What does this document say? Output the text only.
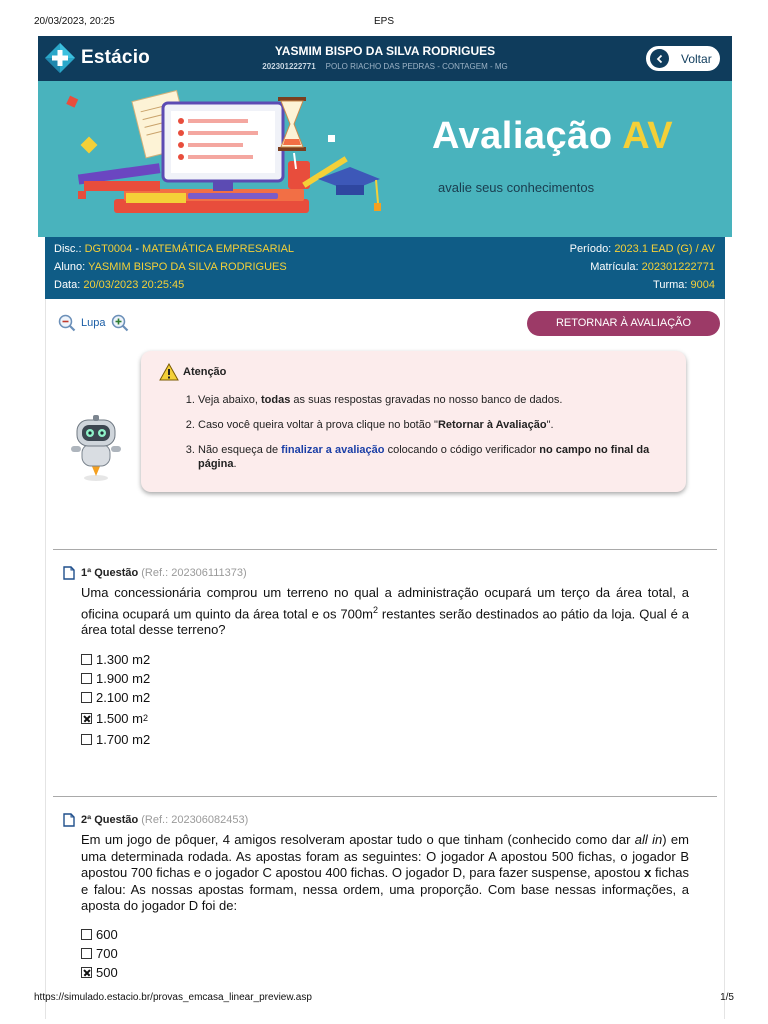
20/03/2023, 20:25	EPS
Estácio	YASMIM BISPO DA SILVA RODRIGUES
202301222771 POLO RIACHO DAS PEDRAS - CONTAGEM - MG
Voltar
Avaliação AV
avalie seus conhecimentos
Disc.: DGT0004 - MATEMÁTICA EMPRESARIAL	Período: 2023.1 EAD (G) / AV
Aluno: YASMIM BISPO DA SILVA RODRIGUES	Matrícula: 202301222771
Data: 20/03/2023 20:25:45	Turma: 9004
Lupa	RETORNAR À AVALIAÇÃO
Atenção
1. Veja abaixo, todas as suas respostas gravadas no nosso banco de dados.
2. Caso você queira voltar à prova clique no botão "Retornar à Avaliação".
3. Não esqueça de finalizar a avaliação colocando o código verificador no campo no final da página.
1ª Questão (Ref.: 202306111373)
Uma concessionária comprou um terreno no qual a administração ocupará um terço da área total, a oficina ocupará um quinto da área total e os $700m^2$ restantes serão destinados ao pátio da loja. Qual é a área total desse terreno?
1.300 m2
1.900 m2
2.100 m2
1.500 m 2
1.700 m2
2ª Questão (Ref.: 202306082453)
Em um jogo de pôquer, 4 amigos resolveram apostar tudo o que tinham (conhecido como dar all in) em uma determinada rodada. As apostas foram as seguintes: O jogador A apostou 500 fichas, o jogador B apostou 700 fichas e o jogador C apostou 400 fichas. O jogador D, para fazer suspense, apostou x fichas e falou: As nossas apostas formam, nessa ordem, uma proporção. Com base nessas informações, a aposta do jogador D foi de:
600
700
500
https://simulado.estacio.br/provas_emcasa_linear_preview.asp	1/5
